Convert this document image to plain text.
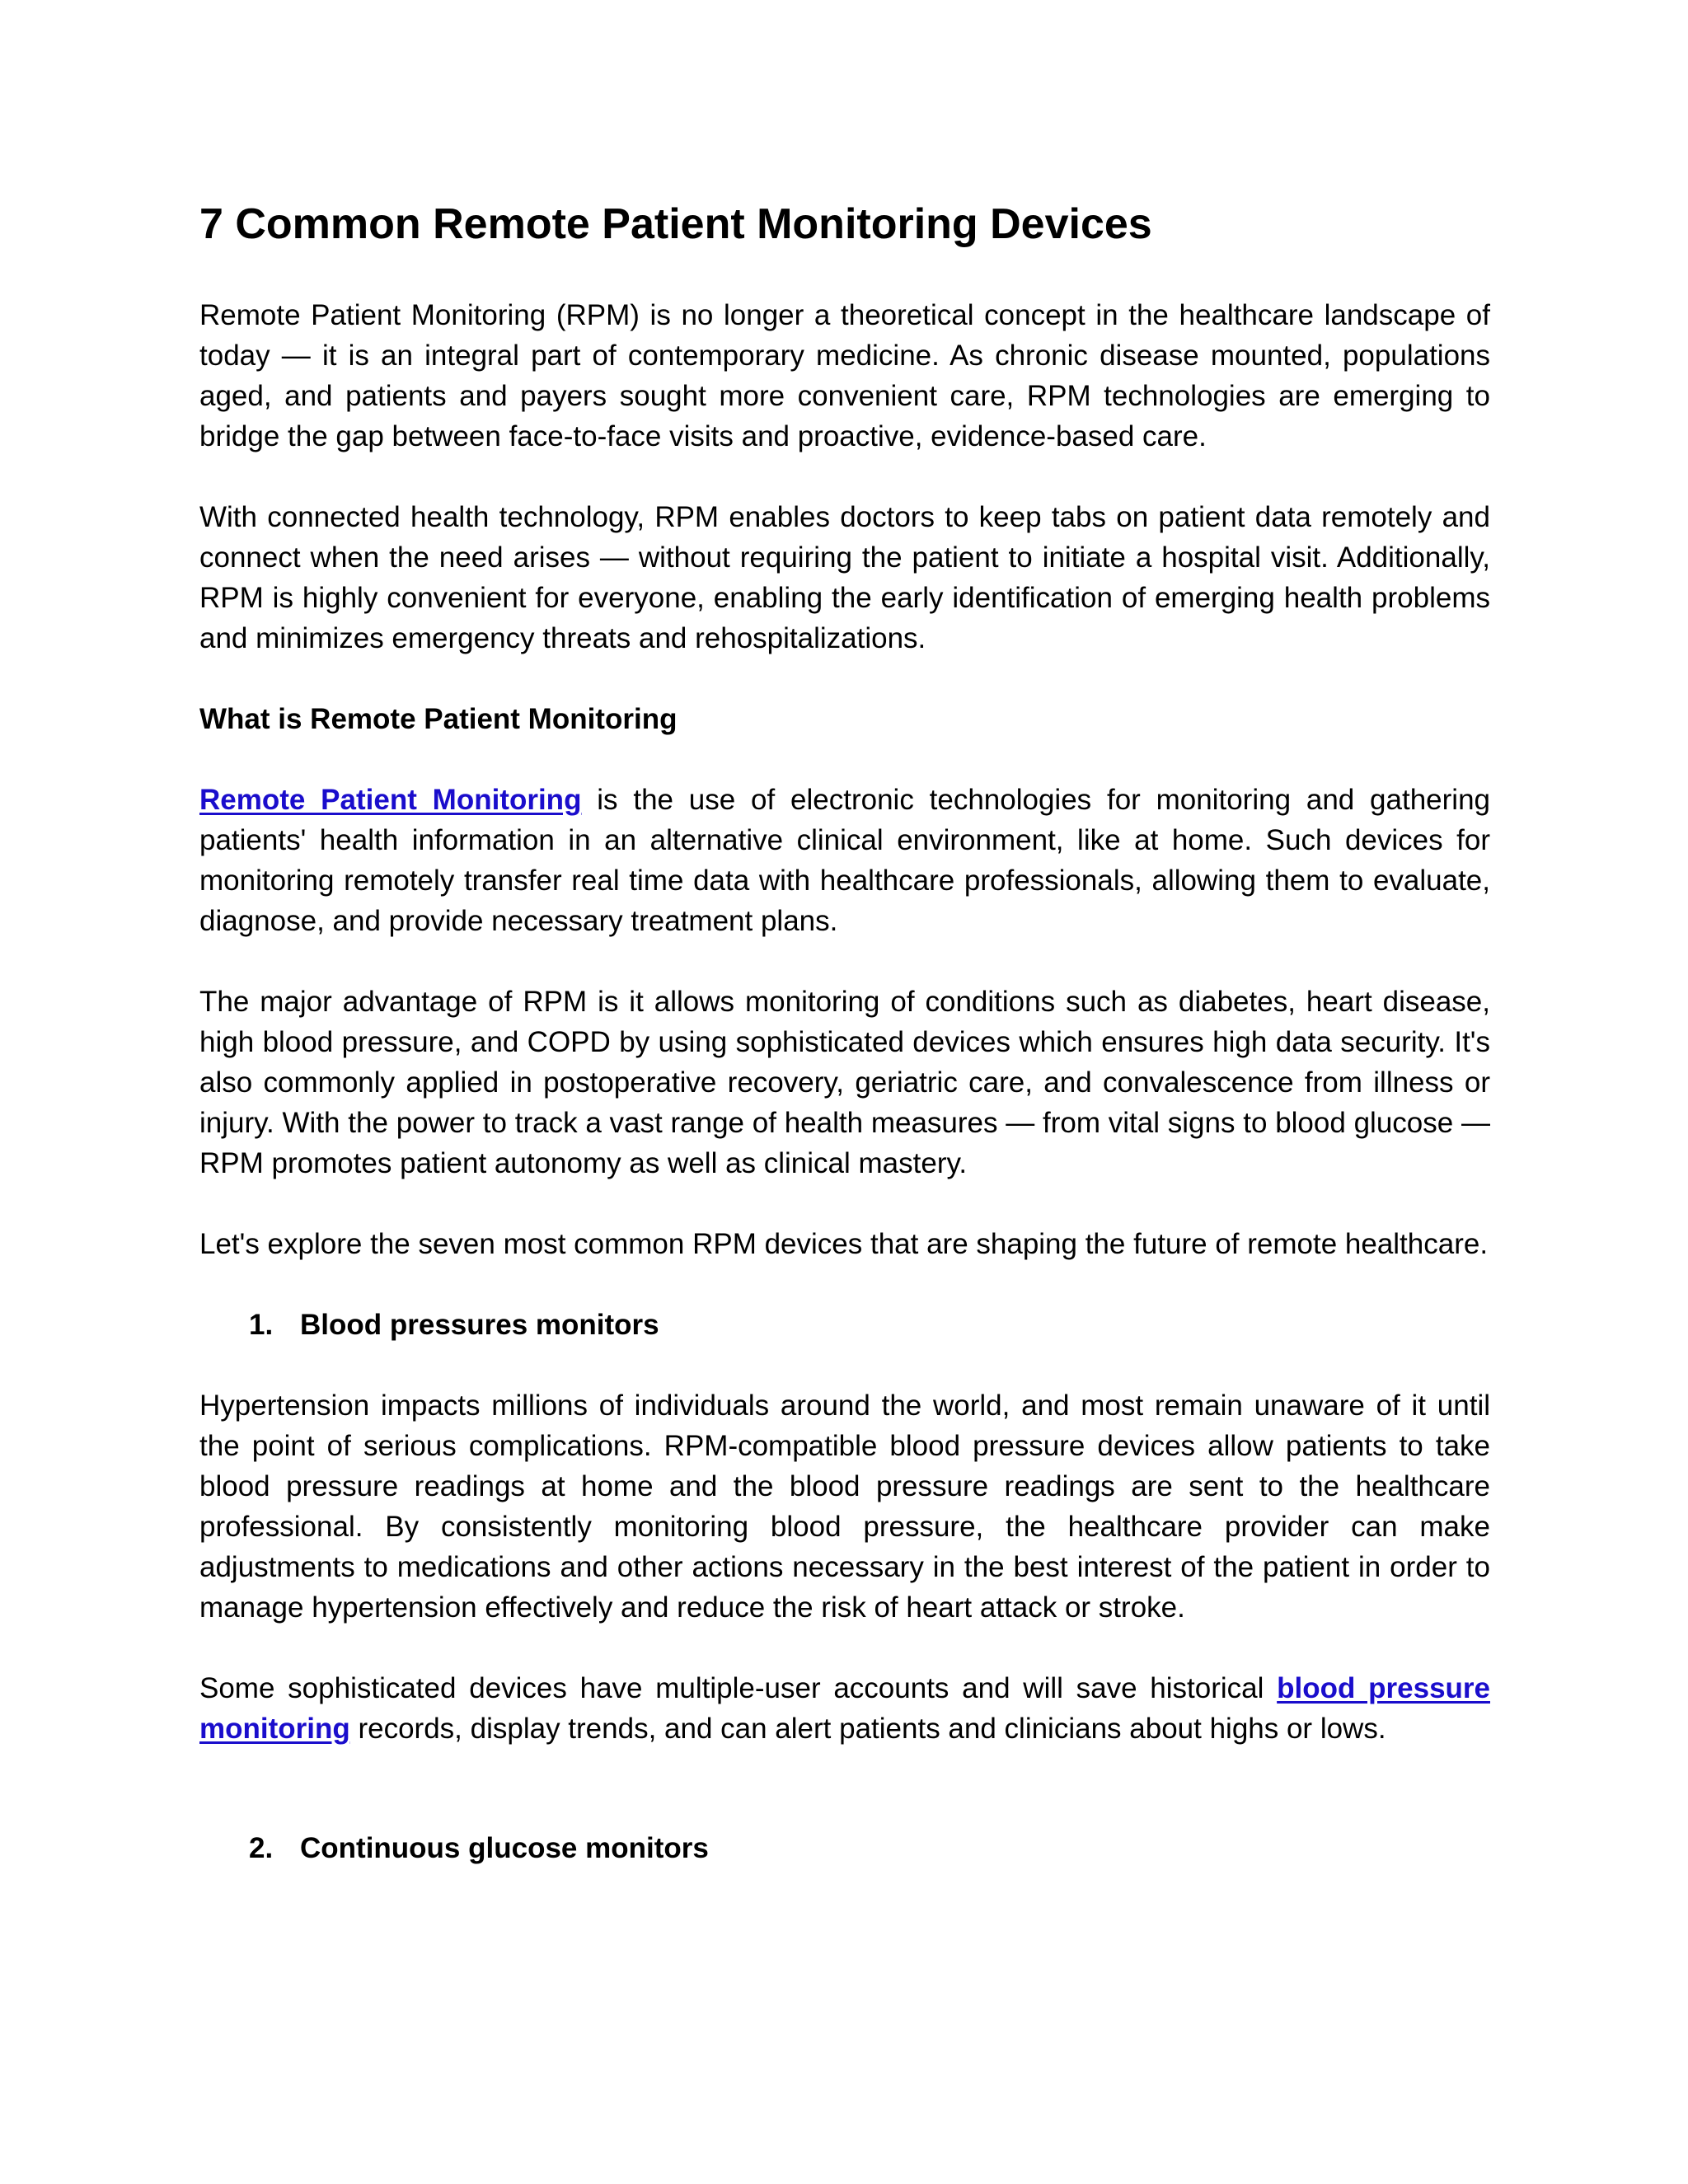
7 Common Remote Patient Monitoring Devices

Remote Patient Monitoring (RPM) is no longer a theoretical concept in the healthcare landscape of today — it is an integral part of contemporary medicine. As chronic disease mounted, populations aged, and patients and payers sought more convenient care, RPM technologies are emerging to bridge the gap between face-to-face visits and proactive, evidence-based care.

With connected health technology, RPM enables doctors to keep tabs on patient data remotely and connect when the need arises — without requiring the patient to initiate a hospital visit. Additionally, RPM is highly convenient for everyone, enabling the early identification of emerging health problems and minimizes emergency threats and rehospitalizations.

What is Remote Patient Monitoring

Remote Patient Monitoring is the use of electronic technologies for monitoring and gathering patients' health information in an alternative clinical environment, like at home. Such devices for monitoring remotely transfer real time data with healthcare professionals, allowing them to evaluate, diagnose, and provide necessary treatment plans.

The major advantage of RPM is it allows monitoring of conditions such as diabetes, heart disease, high blood pressure, and COPD by using sophisticated devices which ensures high data security. It's also commonly applied in postoperative recovery, geriatric care, and convalescence from illness or injury. With the power to track a vast range of health measures — from vital signs to blood glucose — RPM promotes patient autonomy as well as clinical mastery.

Let's explore the seven most common RPM devices that are shaping the future of remote healthcare.

1. Blood pressures monitors

Hypertension impacts millions of individuals around the world, and most remain unaware of it until the point of serious complications. RPM-compatible blood pressure devices allow patients to take blood pressure readings at home and the blood pressure readings are sent to the healthcare professional. By consistently monitoring blood pressure, the healthcare provider can make adjustments to medications and other actions necessary in the best interest of the patient in order to manage hypertension effectively and reduce the risk of heart attack or stroke.

Some sophisticated devices have multiple-user accounts and will save historical blood pressure monitoring records, display trends, and can alert patients and clinicians about highs or lows.

2. Continuous glucose monitors
